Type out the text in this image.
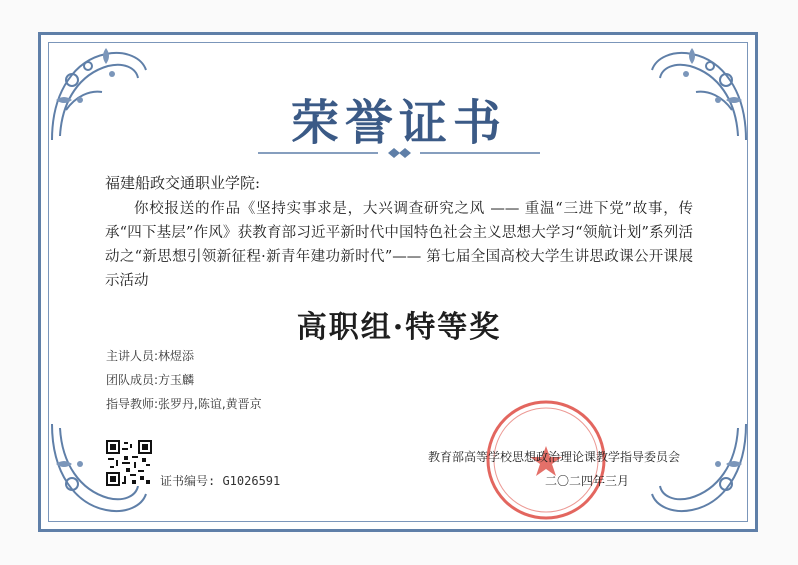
荣誉证书
福建船政交通职业学院:
你校报送的作品《坚持实事求是，大兴调查研究之风 —— 重温“三进下党”故事，传承“四下基层”作风》获教育部习近平新时代中国特色社会主义思想大学习“领航计划”系列活动之“新思想引领新征程·新青年建功新时代”—— 第七届全国高校大学生讲思政课公开课展示活动
高职组·特等奖
主讲人员:林煜添
团队成员:方玉麟
指导教师:张罗丹,陈谊,黄晋京
证书编号: G1026591
教育部高等学校思想政治理论课教学指导委员会
二〇二四年三月
